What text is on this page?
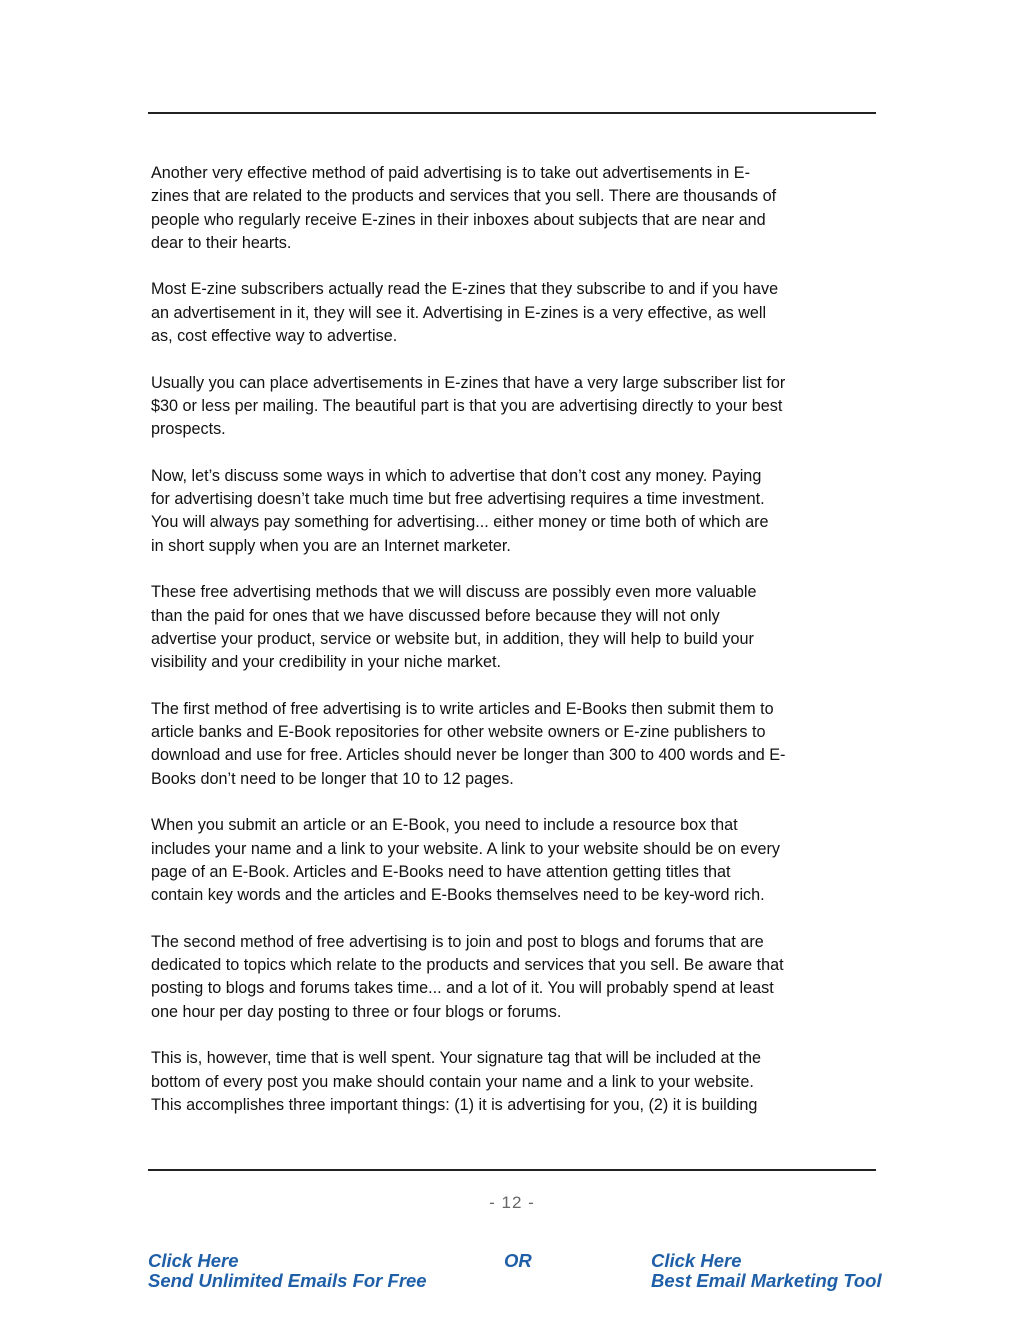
Another very effective method of paid advertising is to take out advertisements in E-
zines that are related to the products and services that you sell. There are thousands of
people who regularly receive E-zines in their inboxes about subjects that are near and
dear to their hearts.

Most E-zine subscribers actually read the E-zines that they subscribe to and if you have
an advertisement in it, they will see it. Advertising in E-zines is a very effective, as well
as, cost effective way to advertise.

Usually you can place advertisements in E-zines that have a very large subscriber list for
$30 or less per mailing. The beautiful part is that you are advertising directly to your best
prospects.

Now, let’s discuss some ways in which to advertise that don’t cost any money. Paying
for advertising doesn’t take much time but free advertising requires a time investment.
You will always pay something for advertising... either money or time both of which are
in short supply when you are an Internet marketer.

These free advertising methods that we will discuss are possibly even more valuable
than the paid for ones that we have discussed before because they will not only
advertise your product, service or website but, in addition, they will help to build your
visibility and your credibility in your niche market.

The first method of free advertising is to write articles and E-Books then submit them to
article banks and E-Book repositories for other website owners or E-zine publishers to
download and use for free. Articles should never be longer than 300 to 400 words and E-
Books don’t need to be longer that 10 to 12 pages.

When you submit an article or an E-Book, you need to include a resource box that
includes your name and a link to your website. A link to your website should be on every
page of an E-Book. Articles and E-Books need to have attention getting titles that
contain key words and the articles and E-Books themselves need to be key-word rich.

The second method of free advertising is to join and post to blogs and forums that are
dedicated to topics which relate to the products and services that you sell. Be aware that
posting to blogs and forums takes time... and a lot of it. You will probably spend at least
one hour per day posting to three or four blogs or forums.

This is, however, time that is well spent. Your signature tag that will be included at the
bottom of every post you make should contain your name and a link to your website.
This accomplishes three important things: (1) it is advertising for you, (2) it is building

- 12 -
Click Here
Send Unlimited Emails For Free
OR	Click Here
Best Email Marketing Tool
